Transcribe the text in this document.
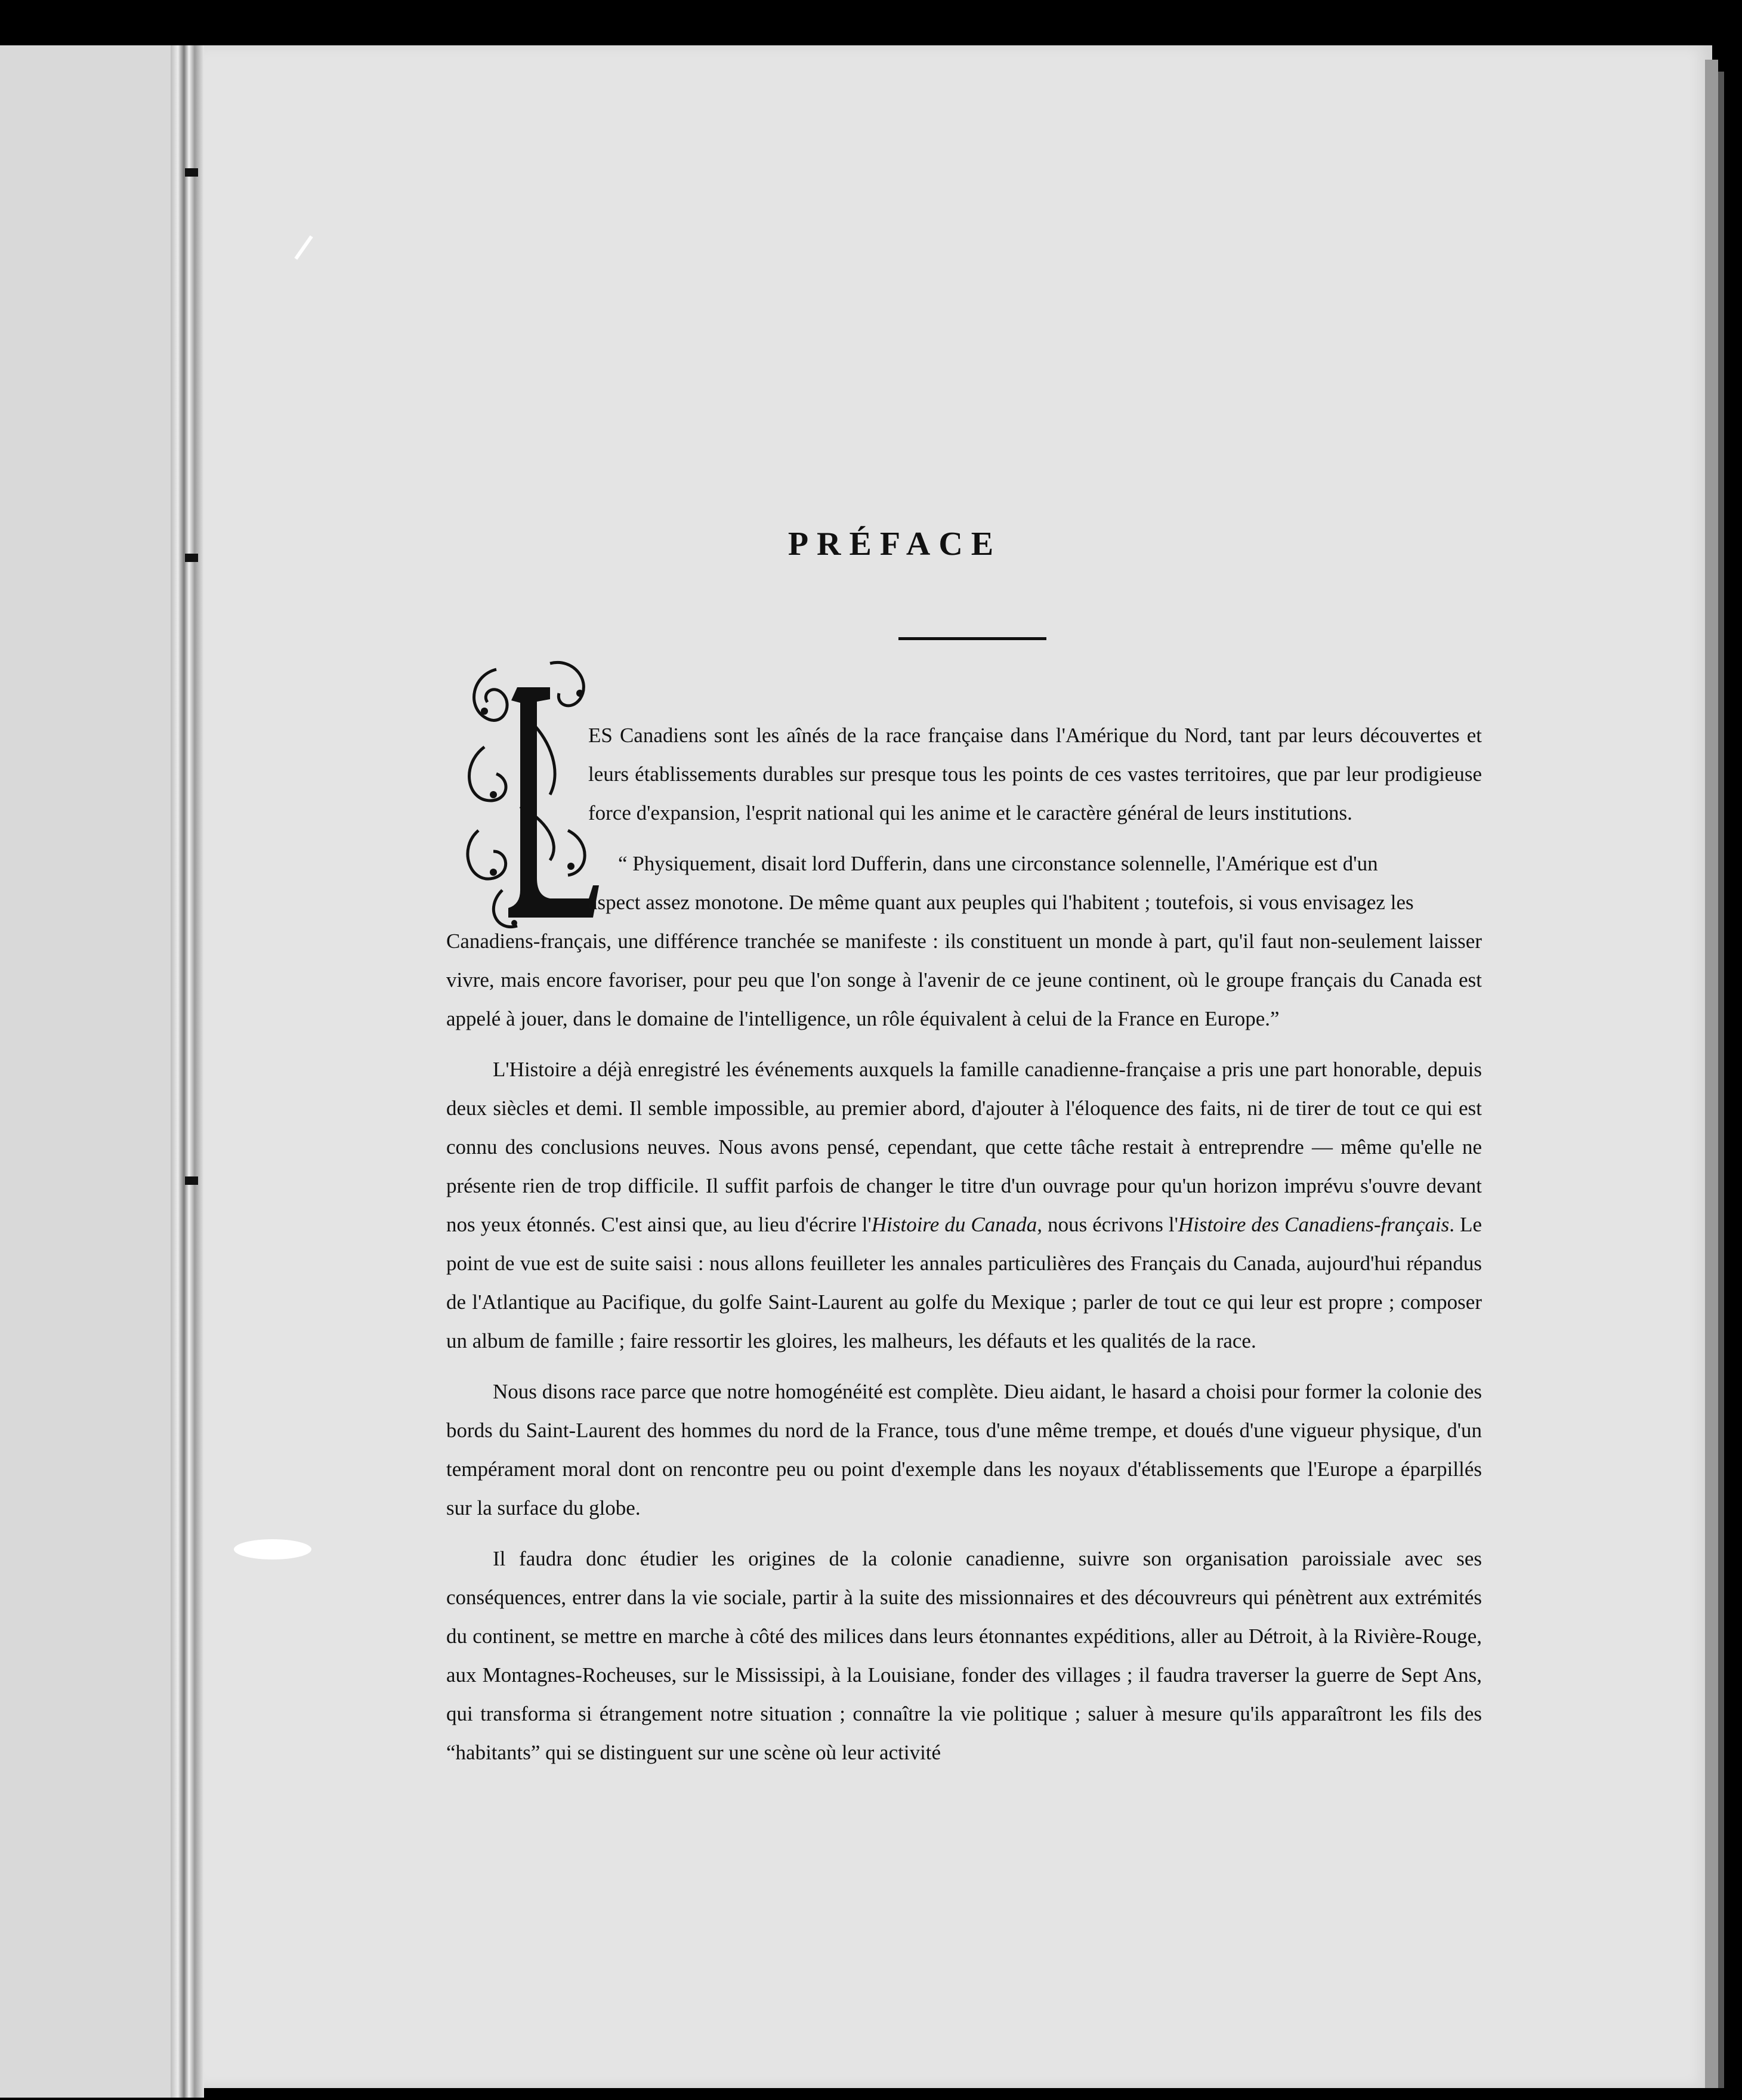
PRÉFACE
L

ES Canadiens sont les aînés de la race française dans l'Amérique du Nord, tant par leurs découvertes et leurs établissements durables sur presque tous les points de ces vastes territoires, que par leur prodigieuse force d'expansion, l'esprit national qui les anime et le caractère général de leurs institutions.

“ Physiquement, disait lord Dufferin, dans une circonstance solennelle, l'Amérique est d'un
aspect assez monotone. De même quant aux peuples qui l'habitent ; toutefois, si vous envisagez les
Canadiens-français, une différence tranchée se manifeste : ils constituent un monde à part, qu'il faut non-seulement laisser vivre, mais encore favoriser, pour peu que l'on songe à l'avenir de ce jeune continent, où le groupe français du Canada est appelé à jouer, dans le domaine de l'intelligence, un rôle équivalent à celui de la France en Europe.”

L'Histoire a déjà enregistré les événements auxquels la famille canadienne-française a pris une part honorable, depuis deux siècles et demi. Il semble impossible, au premier abord, d'ajouter à l'éloquence des faits, ni de tirer de tout ce qui est connu des conclusions neuves. Nous avons pensé, cependant, que cette tâche restait à entreprendre — même qu'elle ne présente rien de trop difficile. Il suffit parfois de changer le titre d'un ouvrage pour qu'un horizon imprévu s'ouvre devant nos yeux étonnés. C'est ainsi que, au lieu d'écrire l'Histoire du Canada, nous écrivons l'Histoire des Canadiens-français. Le point de vue est de suite saisi : nous allons feuilleter les annales particulières des Français du Canada, aujourd'hui répandus de l'Atlantique au Pacifique, du golfe Saint-Laurent au golfe du Mexique ; parler de tout ce qui leur est propre ; composer un album de famille ; faire ressortir les gloires, les malheurs, les défauts et les qualités de la race.

Nous disons race parce que notre homogénéité est complète. Dieu aidant, le hasard a choisi pour former la colonie des bords du Saint-Laurent des hommes du nord de la France, tous d'une même trempe, et doués d'une vigueur physique, d'un tempérament moral dont on rencontre peu ou point d'exemple dans les noyaux d'établissements que l'Europe a éparpillés sur la surface du globe.

Il faudra donc étudier les origines de la colonie canadienne, suivre son organisation paroissiale avec ses conséquences, entrer dans la vie sociale, partir à la suite des missionnaires et des découvreurs qui pénètrent aux extrémités du continent, se mettre en marche à côté des milices dans leurs étonnantes expéditions, aller au Détroit, à la Rivière-Rouge, aux Montagnes-Rocheuses, sur le Mississipi, à la Louisiane, fonder des villages ; il faudra traverser la guerre de Sept Ans, qui transforma si étrangement notre situation ; connaître la vie politique ; saluer à mesure qu'ils apparaîtront les fils des “habitants” qui se distinguent sur une scène où leur activité
